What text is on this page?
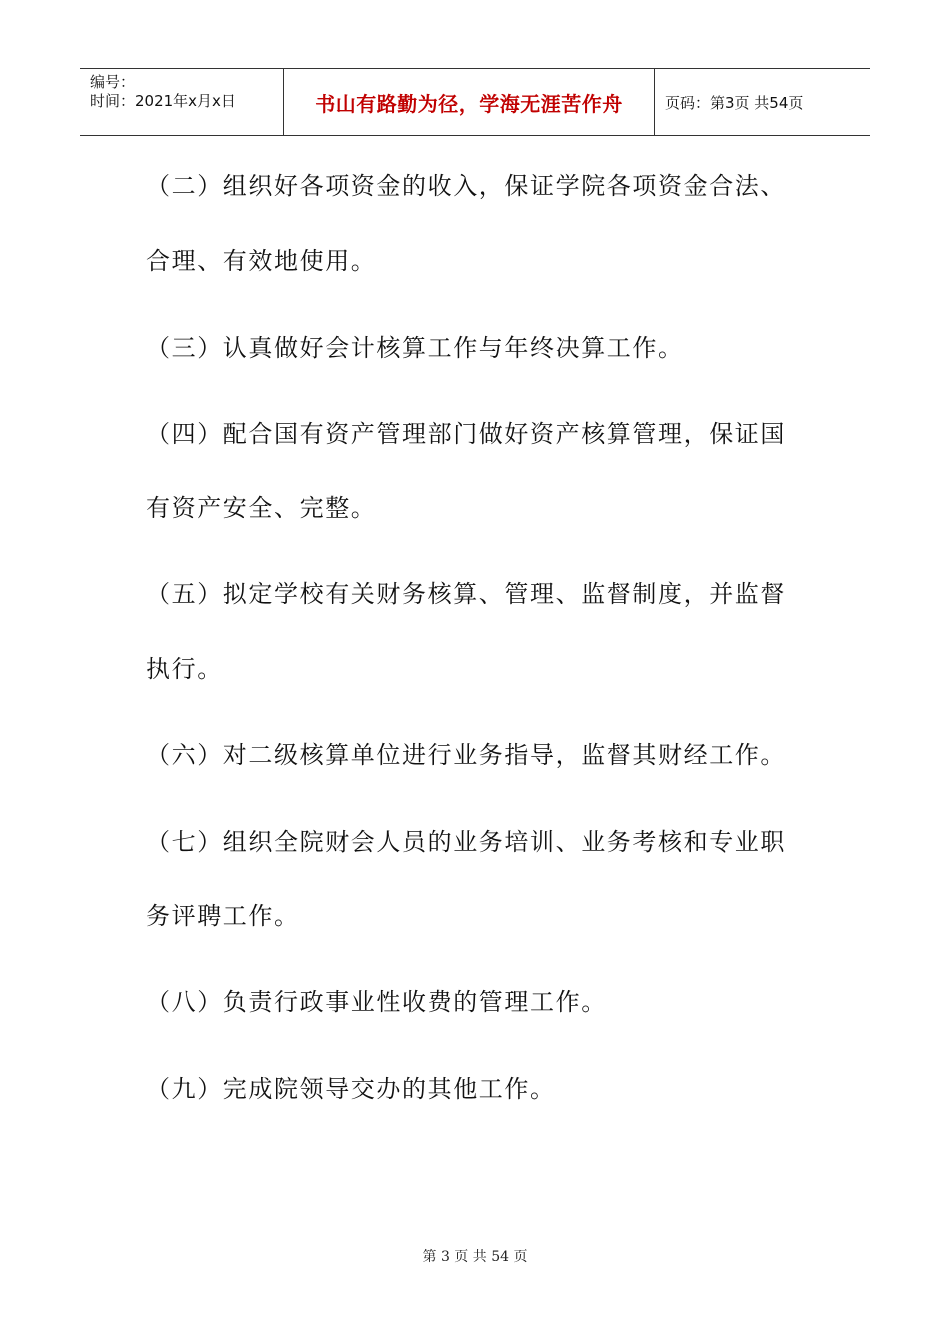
编号：
时间：2021年x月x日	书山有路勤为径，学海无涯苦作舟	页码：第3页 共54页
（二）组织好各项资金的收入，保证学院各项资金合法、
合理、有效地使用。
（三）认真做好会计核算工作与年终决算工作。
（四）配合国有资产管理部门做好资产核算管理，保证国
有资产安全、完整。
（五）拟定学校有关财务核算、管理、监督制度，并监督
执行。
（六）对二级核算单位进行业务指导，监督其财经工作。
（七）组织全院财会人员的业务培训、业务考核和专业职
务评聘工作。
（八）负责行政事业性收费的管理工作。
（九）完成院领导交办的其他工作。
第 3 页 共 54 页
